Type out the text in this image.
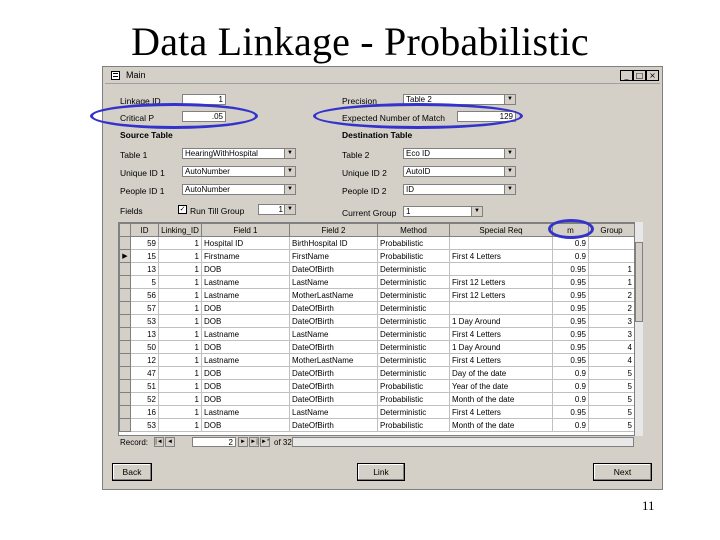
Data Linkage - Probabilistic
Main	_ □ ×
Linkage ID	1
Critical P	.05
Source Table
Table 1	HearingWithHospital	▼
Unique ID 1	AutoNumber	▼
People ID 1	AutoNumber	▼
Fields	✓ Run Till Group	1 ▼
Precision	Table 2	▼
Expected Number of Match	129
Destination Table
Table 2	Eco ID	▼
Unique ID 2	AutoID	▼
People ID 2	ID	▼
Current Group	1	▼
	ID	Linking_ID	Field 1	Field 2	Method	Special Req	m	Group
	59	1	Hospital ID	BirthHospital ID	Probabilistic		0.9	
▶	15	1	Firstname	FirstName	Probabilistic	First 4 Letters	0.9	
	13	1	DOB	DateOfBirth	Deterministic		0.95	1
	5	1	Lastname	LastName	Deterministic	First 12 Letters	0.95	1
	56	1	Lastname	MotherLastName	Deterministic	First 12 Letters	0.95	2
	57	1	DOB	DateOfBirth	Deterministic		0.95	2
	53	1	DOB	DateOfBirth	Deterministic	1 Day Around	0.95	3
	13	1	Lastname	LastName	Deterministic	First 4 Letters	0.95	3
	50	1	DOB	DateOfBirth	Deterministic	1 Day Around	0.95	4
	12	1	Lastname	MotherLastName	Deterministic	First 4 Letters	0.95	4
	47	1	DOB	DateOfBirth	Deterministic	Day of the date	0.9	5
	51	1	DOB	DateOfBirth	Probabilistic	Year of the date	0.9	5
	52	1	DOB	DateOfBirth	Probabilistic	Month of the date	0.9	5
	16	1	Lastname	LastName	Deterministic	First 4 Letters	0.95	5
	53	1	DOB	DateOfBirth	Probabilistic	Month of the date	0.9	5
Record: |◄ ◄	2	► ►| ►* of 32
Back	Link	Next
11
